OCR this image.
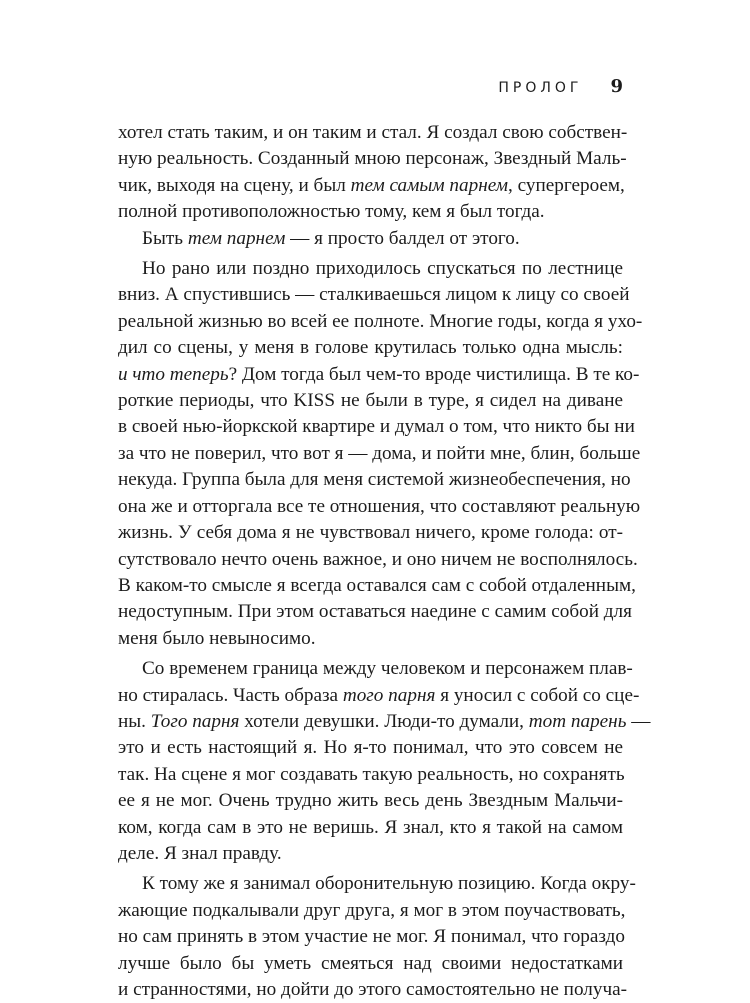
ПРОЛОГ 9
хотел стать таким, и он таким и стал. Я создал свою собствен-
ную реальность. Созданный мною персонаж, Звездный Маль-
чик, выходя на сцену, и был тем самым парнем, супергероем,
полной противоположностью тому, кем я был тогда.
Быть тем парнем — я просто балдел от этого.
Но рано или поздно приходилось спускаться по лестнице
вниз. А спустившись — сталкиваешься лицом к лицу со своей
реальной жизнью во всей ее полноте. Многие годы, когда я ухо-
дил со сцены, у меня в голове крутилась только одна мысль:
и что теперь? Дом тогда был чем-то вроде чистилища. В те ко-
роткие периоды, что KISS не были в туре, я сидел на диване
в своей нью-йоркской квартире и думал о том, что никто бы ни
за что не поверил, что вот я — дома, и пойти мне, блин, больше
некуда. Группа была для меня системой жизнеобеспечения, но
она же и отторгала все те отношения, что составляют реальную
жизнь. У себя дома я не чувствовал ничего, кроме голода: от-
сутствовало нечто очень важное, и оно ничем не восполнялось.
В каком-то смысле я всегда оставался сам с собой отдаленным,
недоступным. При этом оставаться наедине с самим собой для
меня было невыносимо.
Со временем граница между человеком и персонажем плав-
но стиралась. Часть образа того парня я уносил с собой со сце-
ны. Того парня хотели девушки. Люди-то думали, тот парень —
это и есть настоящий я. Но я-то понимал, что это совсем не
так. На сцене я мог создавать такую реальность, но сохранять
ее я не мог. Очень трудно жить весь день Звездным Мальчи-
ком, когда сам в это не веришь. Я знал, кто я такой на самом
деле. Я знал правду.
К тому же я занимал оборонительную позицию. Когда окру-
жающие подкалывали друг друга, я мог в этом поучаствовать,
но сам принять в этом участие не мог. Я понимал, что гораздо
лучше было бы уметь смеяться над своими недостатками
и странностями, но дойти до этого самостоятельно не получа-
